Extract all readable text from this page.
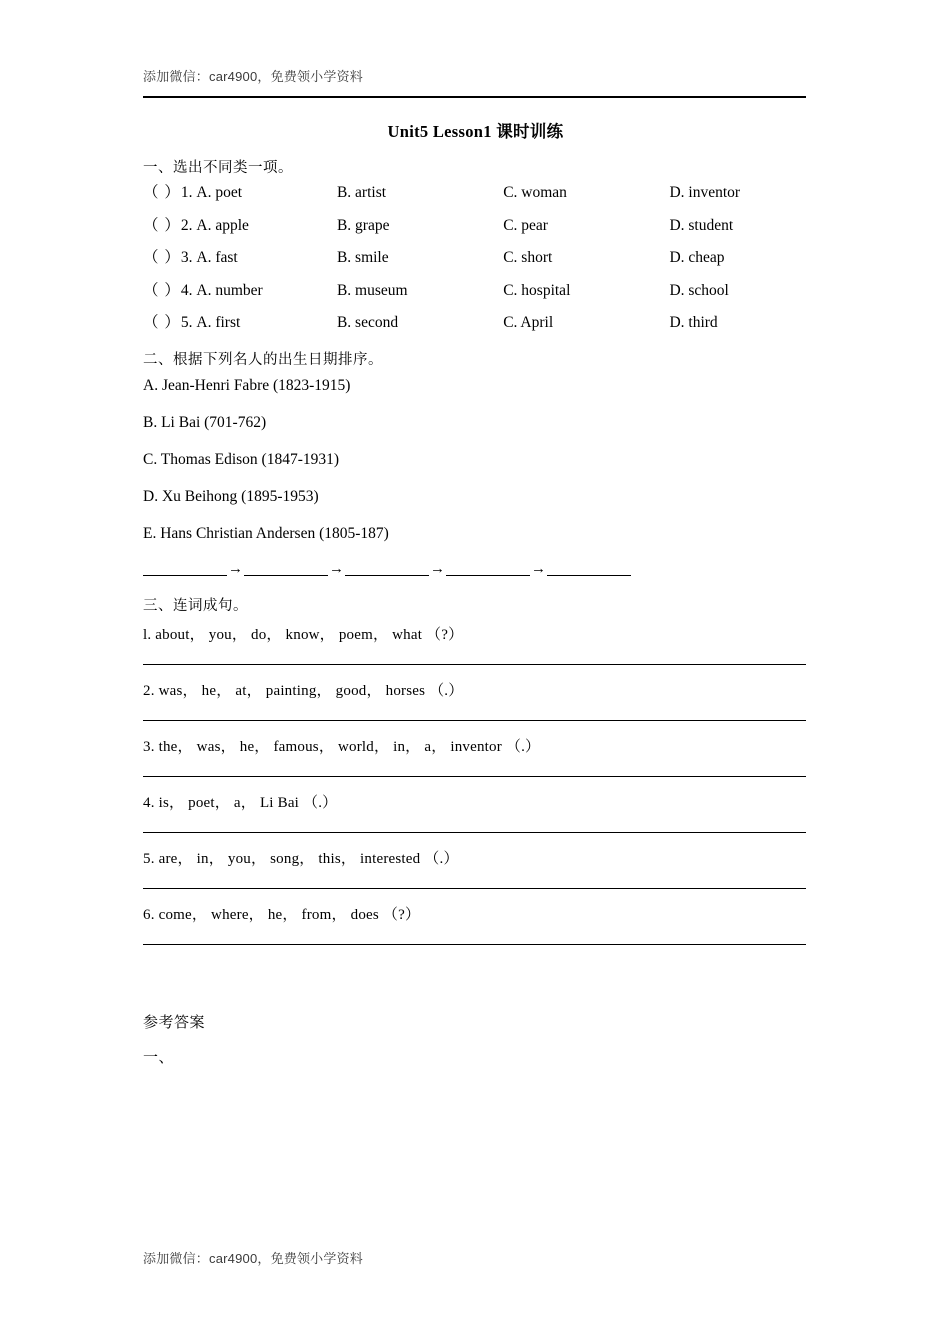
添加微信：car4900，免费领小学资料
Unit5 Lesson1 课时训练
一、选出不同类一项。
（ ）1. A. poet	B. artist	C. woman	D. inventor
（ ）2. A. apple	B. grape	C. pear	D. student
（ ）3. A. fast	B. smile	C. short	D. cheap
（ ）4. A. number	B. museum	C. hospital	D. school
（ ）5. A. first	B. second	C. April	D. third
二、根据下列名人的出生日期排序。
A. Jean-Henri Fabre (1823-1915)
B. Li Bai (701-762)
C. Thomas Edison (1847-1931)
D. Xu Beihong (1895-1953)
E. Hans Christian Andersen (1805-187)
→	→	→	→
三、连词成句。
l. about， you， do， know， poem， what （?）
2. was， he， at， painting， good， horses （.）
3. the， was， he， famous， world， in， a， inventor （.）
4. is， poet， a， Li Bai （.）
5. are， in， you， song， this， interested （.）
6. come， where， he， from， does （?）
参考答案
一、
添加微信：car4900，免费领小学资料
